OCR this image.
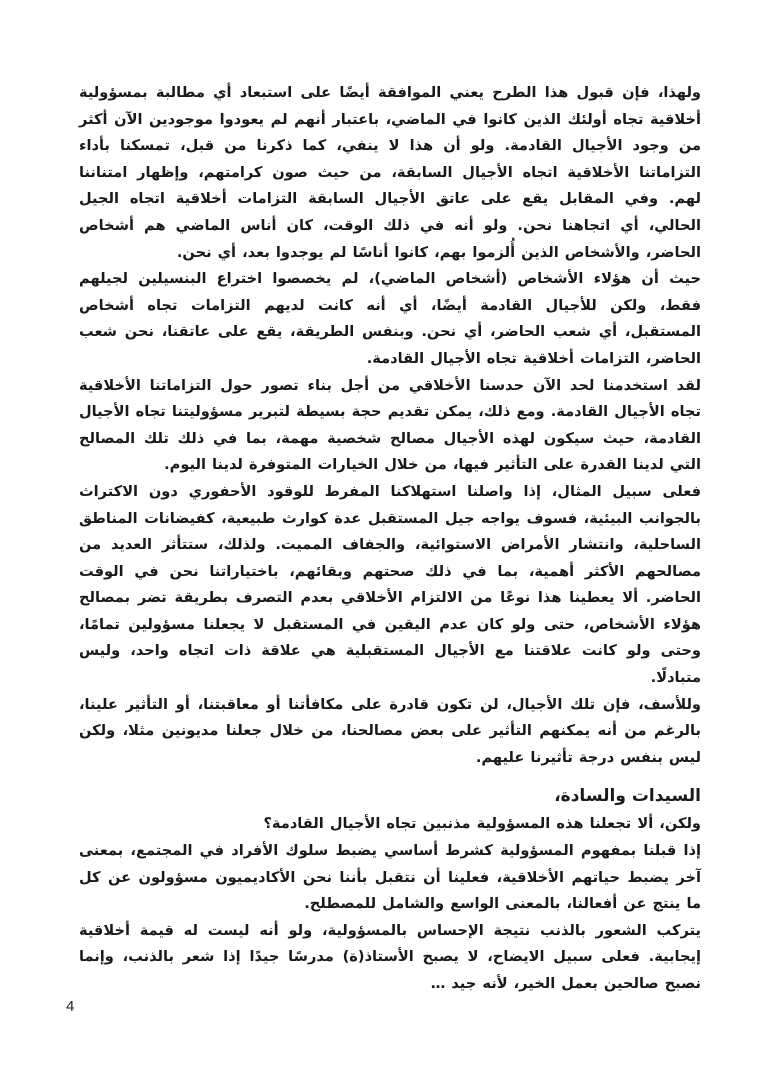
ولهذا، فإن قبول هذا الطرح يعني الموافقة أيضًا على استبعاد أي مطالبة بمسؤولية أخلاقية تجاه أولئك الذين كانوا في الماضي، باعتبار أنهم لم يعودوا موجودين الآن أكثر من وجود الأجيال القادمة. ولو أن هذا لا ينفي، كما ذكرنا من قبل، تمسكنا بأداء التزاماتنا الأخلاقية اتجاه الأجيال السابقة، من حيث صون كرامتهم، وإظهار امتناننا لهم. وفي المقابل يقع على عاتق الأجيال السابقة التزامات أخلاقية اتجاه الجيل الحالي، أي اتجاهنا نحن. ولو أنه في ذلك الوقت، كان أناس الماضي هم أشخاص الحاضر، والأشخاص الذين أُلزموا بهم، كانوا أناسًا لم يوجدوا بعد، أي نحن.

حيث أن هؤلاء الأشخاص (أشخاص الماضي)، لم يخصصوا اختراع البنسيلين لجيلهم فقط، ولكن للأجيال القادمة أيضًا، أي أنه كانت لديهم التزامات تجاه أشخاص المستقبل، أي شعب الحاضر، أي نحن. وبنفس الطريقة، يقع على عاتقنا، نحن شعب الحاضر، التزامات أخلاقية تجاه الأجيال القادمة.

لقد استخدمنا لحد الآن حدسنا الأخلاقي من أجل بناء تصور حول التزاماتنا الأخلاقية تجاه الأجيال القادمة. ومع ذلك، يمكن تقديم حجة بسيطة لتبرير مسؤوليتنا تجاه الأجيال القادمة، حيث سيكون لهذه الأجيال مصالح شخصية مهمة، بما في ذلك تلك المصالح التي لدينا القدرة على التأثير فيها، من خلال الخيارات المتوفرة لدينا اليوم.

فعلى سبيل المثال، إذا واصلنا استهلاكنا المفرط للوقود الأحفوري دون الاكتراث بالجوانب البيئية، فسوف يواجه جيل المستقبل عدة كوارث طبيعية، كفيضانات المناطق الساحلية، وانتشار الأمراض الاستوائية، والجفاف المميت. ولذلك، ستتأثر العديد من مصالحهم الأكثر أهمية، بما في ذلك صحتهم وبقائهم، باختياراتنا نحن في الوقت الحاضر. ألا يعطينا هذا نوعًا من الالتزام الأخلاقي بعدم التصرف بطريقة تضر بمصالح هؤلاء الأشخاص، حتى ولو كان عدم اليقين في المستقبل لا يجعلنا مسؤولين تمامًا، وحتى ولو كانت علاقتنا مع الأجيال المستقبلية هي علاقة ذات اتجاه واحد، وليس متبادلًا.

وللأسف، فإن تلك الأجيال، لن تكون قادرة على مكافأتنا أو معاقبتنا، أو التأثير علينا، بالرغم من أنه يمكنهم التأثير على بعض مصالحنا، من خلال جعلنا مديونين مثلا، ولكن ليس بنفس درجة تأثيرنا عليهم.

السيدات والسادة،

ولكن، ألا تجعلنا هذه المسؤولية مذنبين تجاه الأجيال القادمة؟

إذا قبلنا بمفهوم المسؤولية كشرط أساسي يضبط سلوك الأفراد في المجتمع، بمعنى آخر يضبط حياتهم الأخلاقية، فعلينا أن نتقبل بأننا نحن الأكاديميون مسؤولون عن كل ما ينتج عن أفعالنا، بالمعنى الواسع والشامل للمصطلح.

يتركب الشعور بالذنب نتيجة الإحساس بالمسؤولية، ولو أنه ليست له قيمة أخلاقية إيجابية. فعلى سبيل الايضاح، لا يصبح الأستاذ(ة) مدرسًا جيدًا إذا شعر بالذنب، وإنما نصبح صالحين بعمل الخير، لأنه جيد …

4
